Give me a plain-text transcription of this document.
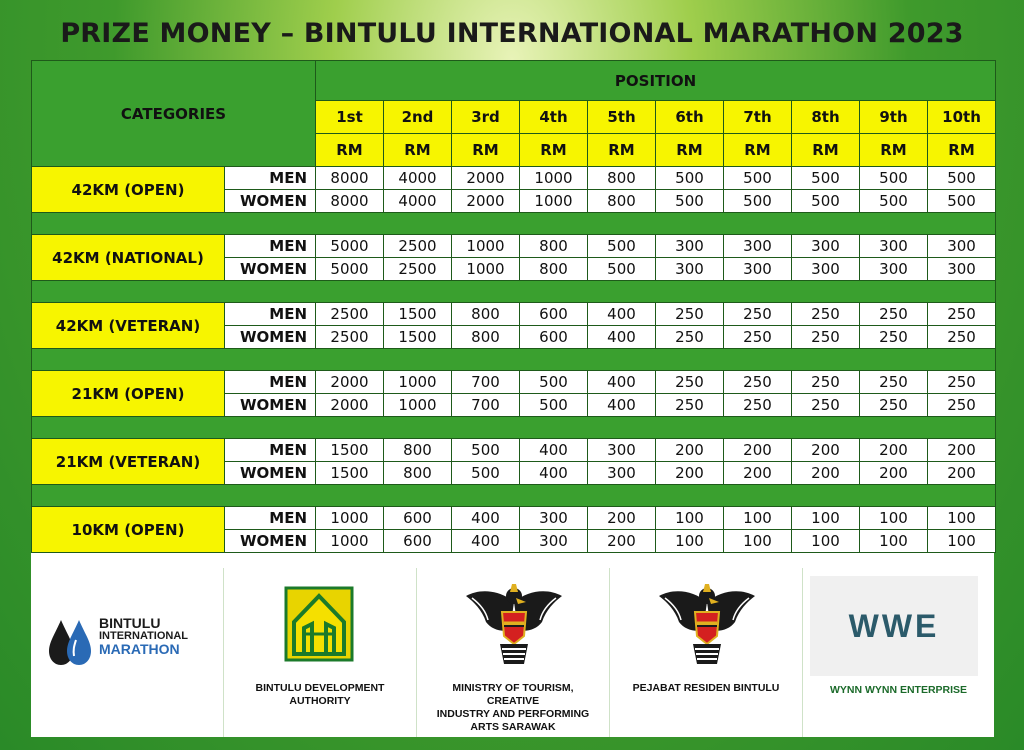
PRIZE MONEY – BINTULU INTERNATIONAL MARATHON 2023
CATEGORIES		POSITION									
		1st	2nd	3rd	4th	5th	6th	7th	8th	9th	10th
		RM	RM	RM	RM	RM	RM	RM	RM	RM	RM
42KM (OPEN)	MEN	8000	4000	2000	1000	800	500	500	500	500	500
	WOMEN	8000	4000	2000	1000	800	500	500	500	500	500

42KM (NATIONAL)	MEN	5000	2500	1000	800	500	300	300	300	300	300
	WOMEN	5000	2500	1000	800	500	300	300	300	300	300

42KM (VETERAN)	MEN	2500	1500	800	600	400	250	250	250	250	250
	WOMEN	2500	1500	800	600	400	250	250	250	250	250

21KM (OPEN)	MEN	2000	1000	700	500	400	250	250	250	250	250
	WOMEN	2000	1000	700	500	400	250	250	250	250	250

21KM (VETERAN)	MEN	1500	800	500	400	300	200	200	200	200	200
	WOMEN	1500	800	500	400	300	200	200	200	200	200

10KM (OPEN)	MEN	1000	600	400	300	200	100	100	100	100	100
	WOMEN	1000	600	400	300	200	100	100	100	100	100
BINTULU
INTERNATIONAL
MARATHON
BINTULU DEVELOPMENT
AUTHORITY
MINISTRY OF TOURISM,
CREATIVE
INDUSTRY AND PERFORMING
ARTS SARAWAK
PEJABAT RESIDEN BINTULU
WWE
WYNN WYNN ENTERPRISE
